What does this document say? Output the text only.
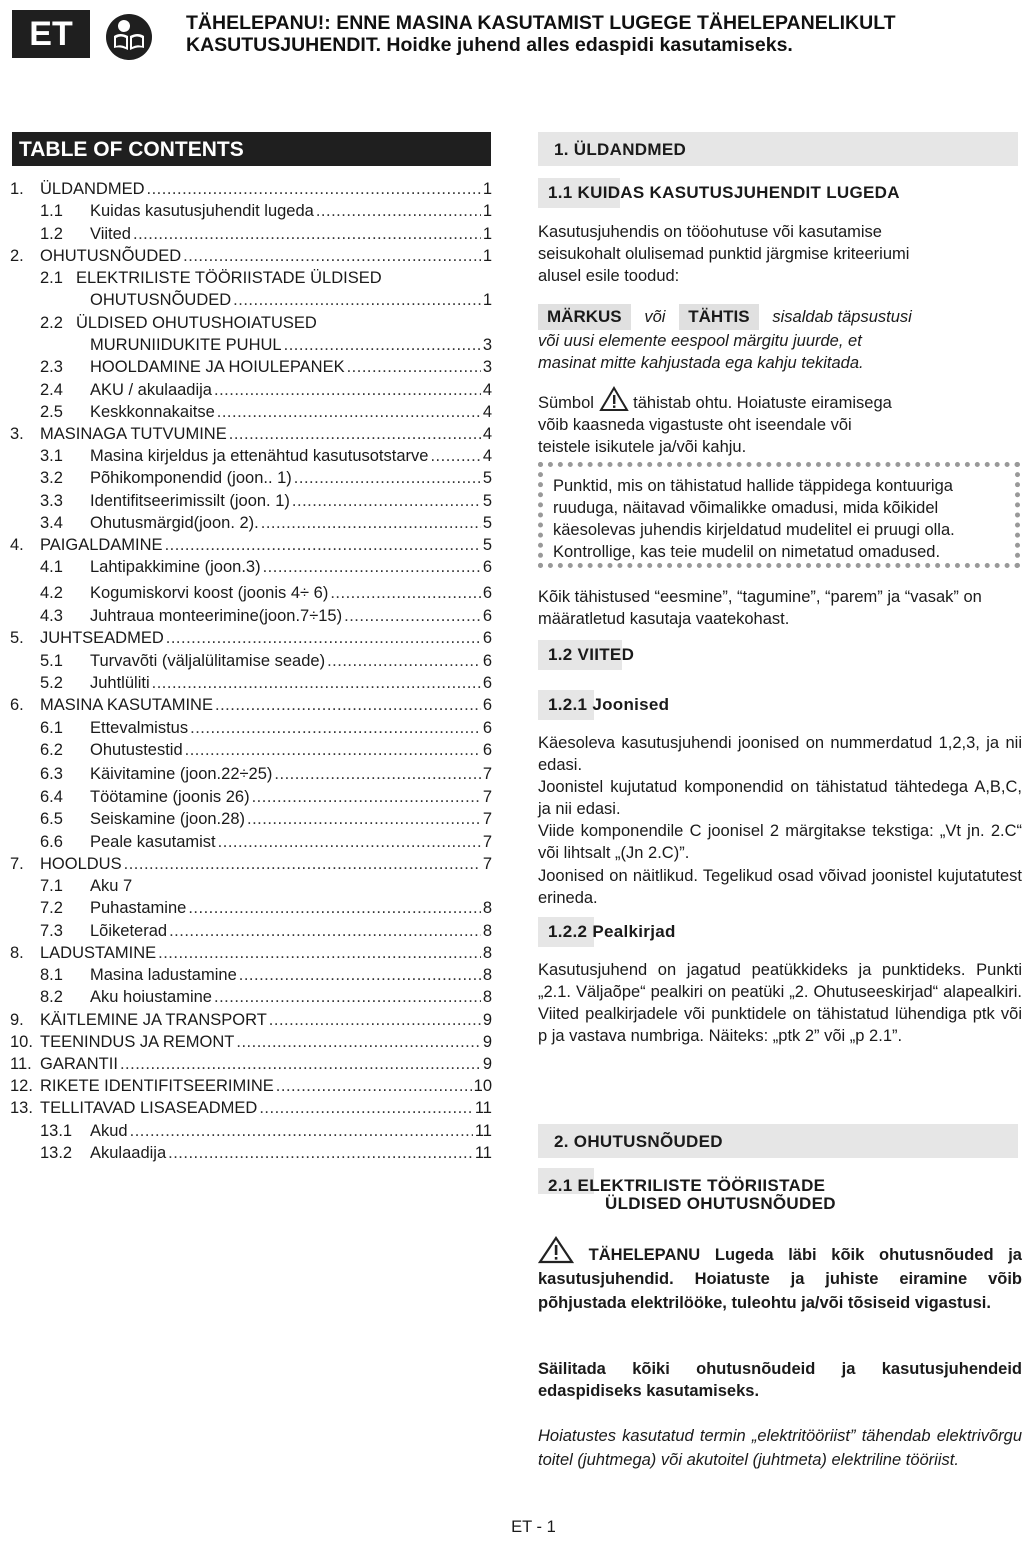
ET	TÄHELEPANU!: ENNE MASINA KASUTAMIST LUGEGE TÄHELEPANELIKULT
KASUTUSJUHENDIT. Hoidke juhend alles edaspidi kasutamiseks.
TABLE OF CONTENTS
1. ÜLDANDMED .....	1
1.1	Kuidas kasutusjuhendit lugeda .....	1
1.2	Viited .....	1
2. OHUTUSNÕUDED .....	1
2.1 ELEKTRILISTE TÖÖRIISTADE ÜLDISED
OHUTUSNÕUDED .....	1
2.2 ÜLDISED OHUTUSHOIATUSED
MURUNIIDUKITE PUHUL .....	3
2.3	HOOLDAMINE JA HOIULEPANEK .....	3
2.4	AKU / akulaadija .....	4
2.5	Keskkonnakaitse .....	4
3. MASINAGA TUTVUMINE .....	4
3.1	Masina kirjeldus ja ettenähtud kasutusotstarve .....	4
3.2	Põhikomponendid (joon.. 1) .....	5
3.3	Identifitseerimissilt (joon. 1) .....	5
3.4	Ohutusmärgid(joon. 2). .....	5
4. PAIGALDAMINE .....	5
4.1	Lahtipakkimine (joon.3) .....	6
4.2	Kogumiskorvi koost (joonis 4÷ 6) .....	6
4.3	Juhtraua monteerimine(joon.7÷15) .....	6
5. JUHTSEADMED .....	6
5.1	Turvavõti (väljalülitamise seade) .....	6
5.2	Juhtlüliti .....	6
6. MASINA KASUTAMINE .....	6
6.1	Ettevalmistus .....	6
6.2	Ohutustestid .....	6
6.3	Käivitamine (joon.22÷25) .....	7
6.4	Töötamine (joonis 26) .....	7
6.5	Seiskamine (joon.28) .....	7
6.6	Peale kasutamist .....	7
7. HOOLDUS .....	7
7.1	Aku 7
7.2	Puhastamine .....	8
7.3	Lõiketerad .....	8
8. LADUSTAMINE .....	8
8.1	Masina ladustamine .....	8
8.2	Aku hoiustamine .....	8
9. KÄITLEMINE JA TRANSPORT .....	9
10. TEENINDUS JA REMONT .....	9
11. GARANTII .....	9
12. RIKETE IDENTIFITSEERIMINE .....	10
13. TELLITAVAD LISASEADMED .....	11
13.1	Akud .....	11
13.2	Akulaadija .....	11
1. ÜLDANDMED
1.1 KUIDAS KASUTUSJUHENDIT LUGEDA
Kasutusjuhendis on tööohutuse või kasutamise seisukohalt olulisemad punktid järgmise kriteeriumi alusel esile toodud:
MÄRKUS või TÄHTIS sisaldab täpsustusi
või uusi elemente eespool märgitu juurde, et
masinat mitte kahjustada ega kahju tekitada.
Sümbol tähistab ohtu. Hoiatuste eiramisega võib kaasneda vigastuste oht iseendale või teistele isikutele ja/või kahju.
Punktid, mis on tähistatud hallide täppidega kontuuriga ruuduga, näitavad võimalikke omadusi, mida kõikidel käesolevas juhendis kirjeldatud mudelitel ei pruugi olla. Kontrollige, kas teie mudelil on nimetatud omadused.
Kõik tähistused “eesmine”, “tagumine”, “parem” ja “vasak” on määratletud kasutaja vaatekohast.
1.2 VIITED
1.2.1 Joonised
Käesoleva kasutusjuhendi joonised on nummerdatud 1,2,3, ja nii edasi.
Joonistel kujutatud komponendid on tähistatud tähtedega A,B,C, ja nii edasi.
Viide komponendile C joonisel 2 märgitakse tekstiga: „Vt jn. 2.C“ või lihtsalt „(Jn 2.C)”.
Joonised on näitlikud. Tegelikud osad võivad joonistel kujutatutest erineda.
1.2.2 Pealkirjad
Kasutusjuhend on jagatud peatükkideks ja punktideks. Punkti „2.1. Väljaõpe“ pealkiri on peatüki „2. Ohutuseeskirjad“ alapealkiri. Viited pealkirjadele või punktidele on tähistatud lühendiga ptk või p ja vastava numbriga. Näiteks: „ptk 2” või „p 2.1”.
2. OHUTUSNÕUDED
2.1 ELEKTRILISTE TÖÖRIISTADE
ÜLDISED OHUTUSNÕUDED
TÄHELEPANU Lugeda läbi kõik ohutusnõuded ja kasutusjuhendid. Hoiatuste ja juhiste eiramine võib põhjustada elektrilööke, tuleohtu ja/või tõsiseid vigastusi.
Säilitada kõiki ohutusnõudeid ja kasutusjuhendeid edaspidiseks kasutamiseks.
Hoiatustes kasutatud termin „elektritööriist” tähendab elektrivõrgu toitel (juhtmega) või akutoitel (juhtmeta) elektriline tööriist.
ET - 1
